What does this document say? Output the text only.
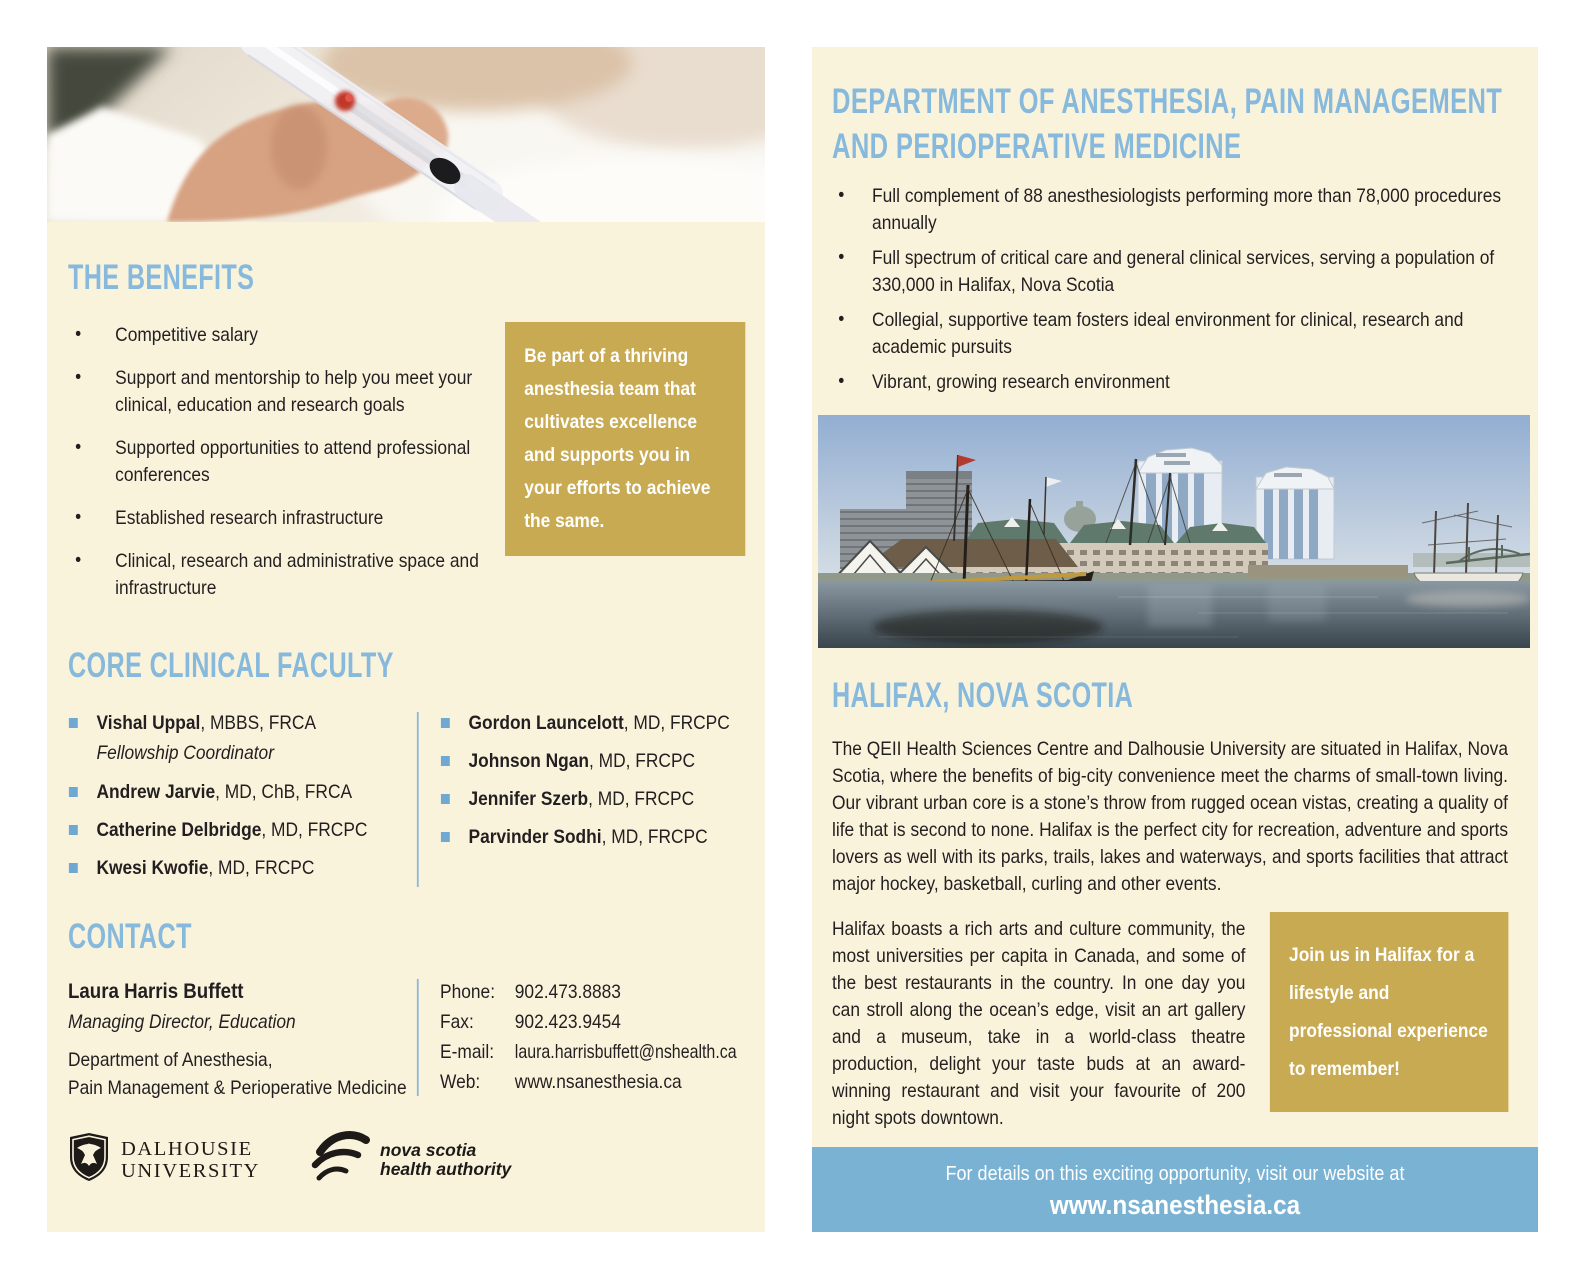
THE BENEFITS
• Competitive salary
• Support and mentorship to help you meet your clinical, education and research goals
• Supported opportunities to attend professional conferences
• Established research infrastructure
• Clinical, research and administrative space and infrastructure
Be part of a thriving anesthesia team that cultivates excellence and supports you in your efforts to achieve the same.
CORE CLINICAL FACULTY
Vishal Uppal, MBBS, FRCA
Fellowship Coordinator
Andrew Jarvie, MD, ChB, FRCA
Catherine Delbridge, MD, FRCPC
Kwesi Kwofie, MD, FRCPC
Gordon Launcelott, MD, FRCPC
Johnson Ngan, MD, FRCPC
Jennifer Szerb, MD, FRCPC
Parvinder Sodhi, MD, FRCPC
CONTACT
Laura Harris Buffett
Managing Director, Education
Department of Anesthesia,
Pain Management & Perioperative Medicine
Phone:	902.473.8883
Fax:	902.423.9454
E-mail:	laura.harrisbuffett@nshealth.ca
Web:	www.nsanesthesia.ca
DALHOUSIE
UNIVERSITY
nova scotia
health authority
DEPARTMENT OF ANESTHESIA, PAIN MANAGEMENT AND PERIOPERATIVE MEDICINE
• Full complement of 88 anesthesiologists performing more than 78,000 procedures annually
• Full spectrum of critical care and general clinical services, serving a population of 330,000 in Halifax, Nova Scotia
• Collegial, supportive team fosters ideal environment for clinical, research and academic pursuits
• Vibrant, growing research environment
HALIFAX, NOVA SCOTIA

The QEII Health Sciences Centre and Dalhousie University are situated in Halifax, Nova Scotia, where the benefits of big-city convenience meet the charms of small-town living. Our vibrant urban core is a stone’s throw from rugged ocean vistas, creating a quality of life that is second to none. Halifax is the perfect city for recreation, adventure and sports lovers as well with its parks, trails, lakes and waterways, and sports facilities that attract major hockey, basketball, curling and other events.

Join us in Halifax for a lifestyle and professional experience to remember!

Halifax boasts a rich arts and culture community, the most universities per capita in Canada, and some of the best restaurants in the country. In one day you can stroll along the ocean’s edge, visit an art gallery and a museum, take in a world-class theatre production, delight your taste buds at an award-winning restaurant and visit your favourite of 200 night spots downtown.

For details on this exciting opportunity, visit our website at
www.nsanesthesia.ca
